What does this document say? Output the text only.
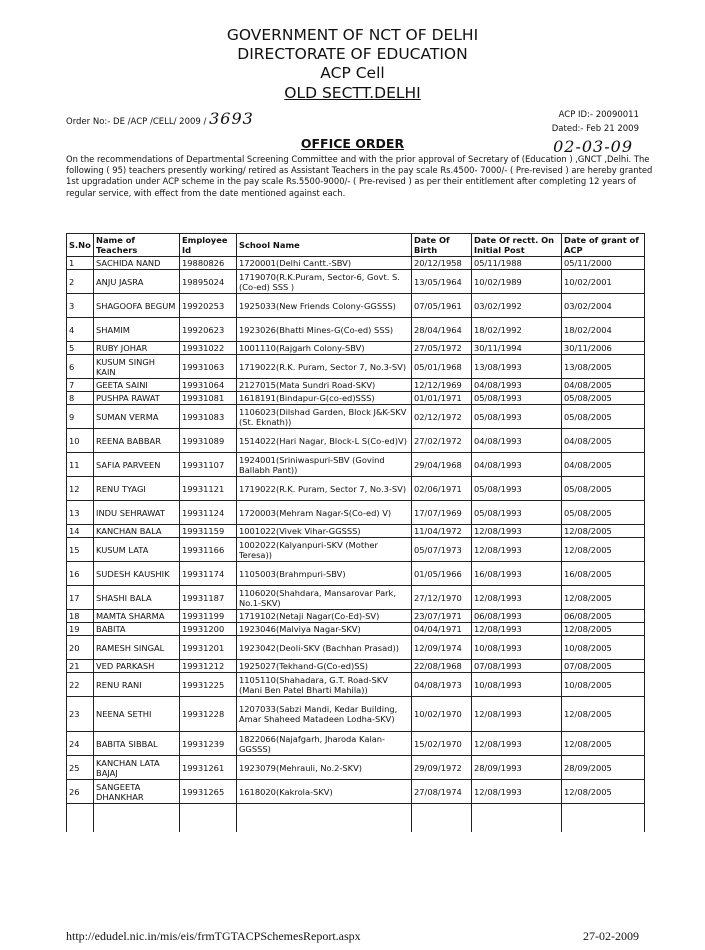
GOVERNMENT OF NCT OF DELHI
DIRECTORATE OF EDUCATION
ACP Cell
OLD SECTT.DELHI
Order No:- DE /ACP /CELL/ 2009 / 3693	ACP ID:- 20090011
Dated:- Feb 21 2009
02-03-09
OFFICE ORDER
On the recommendations of Departmental Screening Committee and with the prior approval of Secretary of (Education ) ,GNCT ,Delhi. The following ( 95) teachers presently working/ retired as Assistant Teachers in the pay scale Rs.4500- 7000/- ( Pre-revised ) are hereby granted 1st upgradation under ACP scheme in the pay scale Rs.5500-9000/- ( Pre-revised ) as per their entitlement after completing 12 years of regular service, with effect from the date mentioned against each.
S.No	Name of Teachers	Employee Id	School Name	Date Of Birth	Date Of rectt. On Initial Post	Date of grant of ACP
1	SACHIDA NAND	19880826	1720001(Delhi Cantt.-SBV)	20/12/1958	05/11/1988	05/11/2000
2	ANJU JASRA	19895024	1719070(R.K.Puram, Sector-6, Govt. S.(Co-ed) SSS )	13/05/1964	10/02/1989	10/02/2001
3	SHAGOOFA BEGUM	19920253	1925033(New Friends Colony-GGSSS)	07/05/1961	03/02/1992	03/02/2004
4	SHAMIM	19920623	1923026(Bhatti Mines-G(Co-ed) SSS)	28/04/1964	18/02/1992	18/02/2004
5	RUBY JOHAR	19931022	1001110(Rajgarh Colony-SBV)	27/05/1972	30/11/1994	30/11/2006
6	KUSUM SINGH KAIN	19931063	1719022(R.K. Puram, Sector 7, No.3-SV)	05/01/1968	13/08/1993	13/08/2005
7	GEETA SAINI	19931064	2127015(Mata Sundri Road-SKV)	12/12/1969	04/08/1993	04/08/2005
8	PUSHPA RAWAT	19931081	1618191(Bindapur-G(co-ed)SSS)	01/01/1971	05/08/1993	05/08/2005
9	SUMAN VERMA	19931083	1106023(Dilshad Garden, Block J&K-SKV (St. Eknath))	02/12/1972	05/08/1993	05/08/2005
10	REENA BABBAR	19931089	1514022(Hari Nagar, Block-L S(Co-ed)V)	27/02/1972	04/08/1993	04/08/2005
11	SAFIA PARVEEN	19931107	1924001(Sriniwaspuri-SBV (Govind Ballabh Pant))	29/04/1968	04/08/1993	04/08/2005
12	RENU TYAGI	19931121	1719022(R.K. Puram, Sector 7, No.3-SV)	02/06/1971	05/08/1993	05/08/2005
13	INDU SEHRAWAT	19931124	1720003(Mehram Nagar-S(Co-ed) V)	17/07/1969	05/08/1993	05/08/2005
14	KANCHAN BALA	19931159	1001022(Vivek Vihar-GGSSS)	11/04/1972	12/08/1993	12/08/2005
15	KUSUM LATA	19931166	1002022(Kalyanpuri-SKV (Mother Teresa))	05/07/1973	12/08/1993	12/08/2005
16	SUDESH KAUSHIK	19931174	1105003(Brahmpuri-SBV)	01/05/1966	16/08/1993	16/08/2005
17	SHASHI BALA	19931187	1106020(Shahdara, Mansarovar Park, No.1-SKV)	27/12/1970	12/08/1993	12/08/2005
18	MAMTA SHARMA	19931199	1719102(Netaji Nagar(Co-Ed)-SV)	23/07/1971	06/08/1993	06/08/2005
19	BABITA	19931200	1923046(Malviya Nagar-SKV)	04/04/1971	12/08/1993	12/08/2005
20	RAMESH SINGAL	19931201	1923042(Deoli-SKV (Bachhan Prasad))	12/09/1974	10/08/1993	10/08/2005
21	VED PARKASH	19931212	1925027(Tekhand-G(Co-ed)SS)	22/08/1968	07/08/1993	07/08/2005
22	RENU RANI	19931225	1105110(Shahadara, G.T. Road-SKV (Mani Ben Patel Bharti Mahila))	04/08/1973	10/08/1993	10/08/2005
23	NEENA SETHI	19931228	1207033(Sabzi Mandi, Kedar Building, Amar Shaheed Matadeen Lodha-SKV)	10/02/1970	12/08/1993	12/08/2005
24	BABITA SIBBAL	19931239	1822066(Najafgarh, Jharoda Kalan-GGSSS)	15/02/1970	12/08/1993	12/08/2005
25	KANCHAN LATA BAJAJ	19931261	1923079(Mehrauli, No.2-SKV)	29/09/1972	28/09/1993	28/09/2005
26	SANGEETA DHANKHAR	19931265	1618020(Kakrola-SKV)	27/08/1974	12/08/1993	12/08/2005

http://edudel.nic.in/mis/eis/frmTGTACPSchemesReport.aspx	27-02-2009
